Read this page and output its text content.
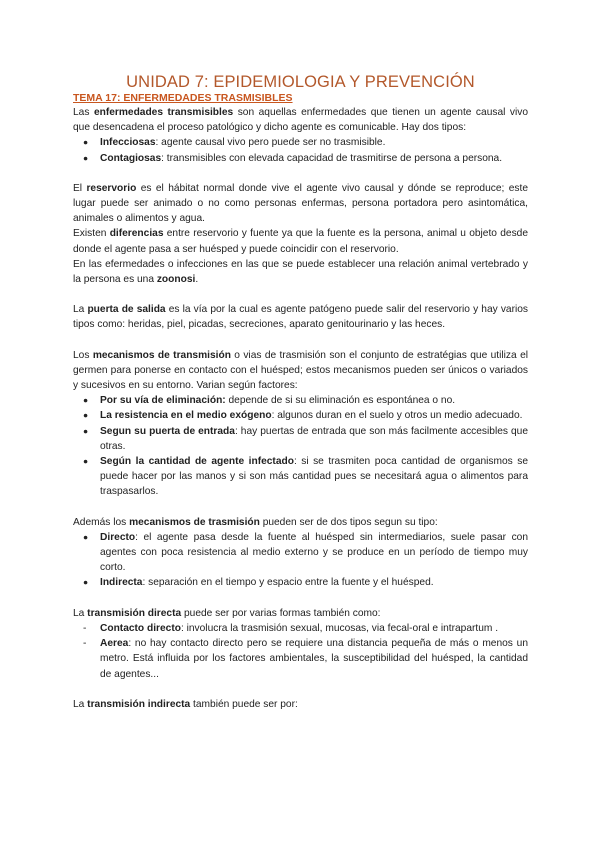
UNIDAD 7: EPIDEMIOLOGIA Y PREVENCIÓN
TEMA 17: ENFERMEDADES TRASMISIBLES

Las enfermedades transmisibles son aquellas enfermedades que tienen un agente causal vivo que desencadena el proceso patológico y dicho agente es comunicable. Hay dos tipos:

● Infecciosas: agente causal vivo pero puede ser no trasmisible.
● Contagiosas: transmisibles con elevada capacidad de trasmitirse de persona a persona.

El reservorio es el hábitat normal donde vive el agente vivo causal y dónde se reproduce; este lugar puede ser animado o no como personas enfermas, persona portadora pero asintomática, animales o alimentos y agua.

Existen diferencias entre reservorio y fuente ya que la fuente es la persona, animal u objeto desde donde el agente pasa a ser huésped y puede coincidir con el reservorio.

En las efermedades o infecciones en las que se puede establecer una relación animal vertebrado y la persona es una zoonosi.

La puerta de salida es la vía por la cual es agente patógeno puede salir del reservorio y hay varios tipos como: heridas, piel, picadas, secreciones, aparato genitourinario y las heces.

Los mecanismos de transmisión o vias de trasmisión son el conjunto de estratégias que utiliza el germen para ponerse en contacto con el huésped; estos mecanismos pueden ser únicos o variados y sucesivos en su entorno. Varian según factores:

● Por su vía de eliminación: depende de si su eliminación es espontánea o no.
● La resistencia en el medio exógeno: algunos duran en el suelo y otros un medio adecuado.
● Segun su puerta de entrada: hay puertas de entrada que son más facilmente accesibles que otras.
● Según la cantidad de agente infectado: si se trasmiten poca cantidad de organismos se puede hacer por las manos y si son más cantidad pues se necesitará agua o alimentos para traspasarlos.

Además los mecanismos de trasmisión pueden ser de dos tipos segun su tipo:

● Directo: el agente pasa desde la fuente al huésped sin intermediarios, suele pasar con agentes con poca resistencia al medio externo y se produce en un período de tiempo muy corto.
● Indirecta: separación en el tiempo y espacio entre la fuente y el huésped.

La transmisión directa puede ser por varias formas también como:

- Contacto directo: involucra la trasmisión sexual, mucosas, via fecal-oral e intrapartum .
- Aerea: no hay contacto directo pero se requiere una distancia pequeña de más o menos un metro. Está influida por los factores ambientales, la susceptibilidad del huésped, la cantidad de agentes...

La transmisión indirecta también puede ser por:
